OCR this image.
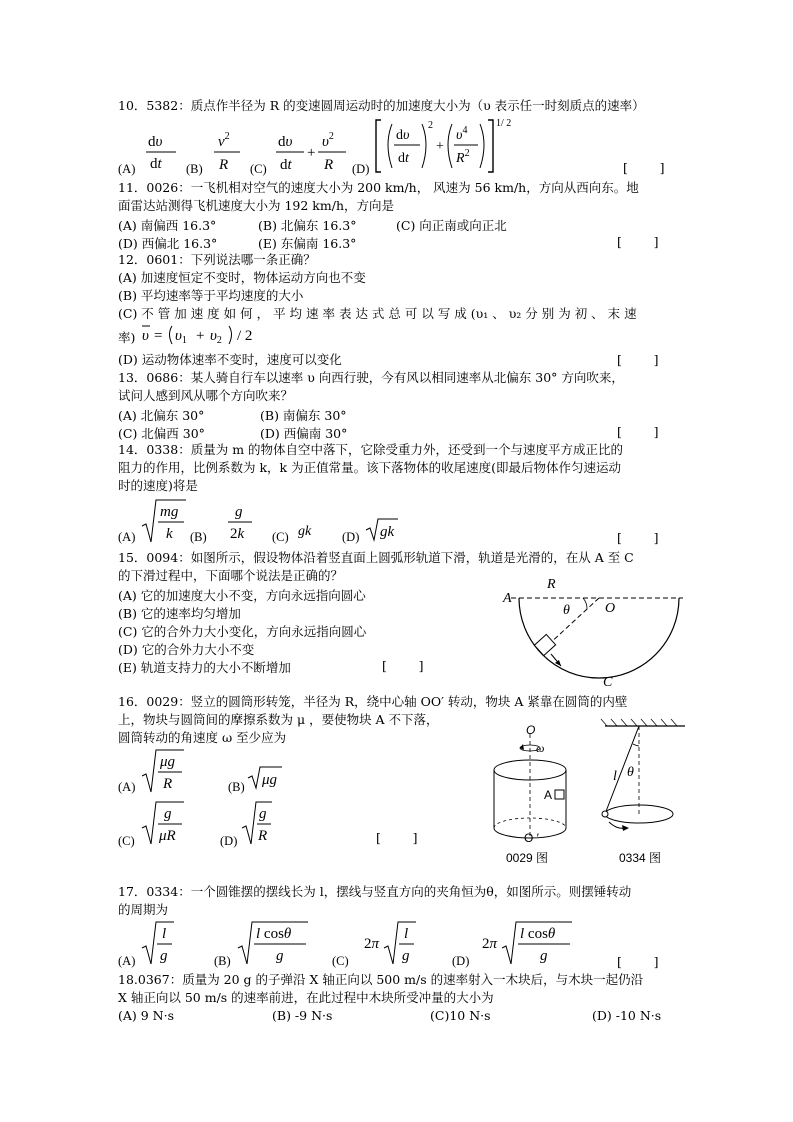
10．5382：质点作半径为 R 的变速圆周运动时的加速度大小为（υ 表示任一时刻质点的速率）
(A)
dυ
dt (B)
$v^2$
R (C)
dυ
dt
+
$\upsilon^2$
R (D)
dυ
dt
2
+
$\upsilon^4$
$R^2$
1/ 2
[        ]
11．0026：一飞机相对空气的速度大小为 200 km/h， 风速为 56 km/h，方向从西向东。地
面雷达站测得飞机速度大小为 192 km/h，方向是
(A) 南偏西 16.3°	(B) 北偏东 16.3°	(C) 向正南或向正北
(D) 西偏北 16.3°	(E) 东偏南 16.3°	[        ]
12．0601：下列说法哪一条正确？
(A) 加速度恒定不变时，物体运动方向也不变
(B) 平均速率等于平均速度的大小
(C) 不 管 加 速 度 如 何 ， 平 均 速 率 表 达 式 总 可 以 写 成 (υ₁ 、 υ₂ 分 别 为 初 、 末 速
率) $\upsilon = \upsilon_1 + \upsilon_2 / 2$
(D) 运动物体速率不变时，速度可以变化	[        ]
13．0686：某人骑自行车以速率 υ 向西行驶，今有风以相同速率从北偏东 30° 方向吹来，
试问人感到风从哪个方向吹来？
(A) 北偏东 30°	(B) 南偏东 30°
(C) 北偏西 30°	(D) 西偏南 30°	[        ]
14．0338：质量为 m 的物体自空中落下，它除受重力外，还受到一个与速度平方成正比的
阻力的作用，比例系数为 k，k 为正值常量。该下落物体的收尾速度(即最后物体作匀速运动
时的速度)将是
(A)
mg
k (B)
g
2k (C) gk (D) gk	[        ]
15．0094：如图所示，假设物体沿着竖直面上圆弧形轨道下滑，轨道是光滑的，在从 A 至 C
的下滑过程中，下面哪个说法是正确的？
(A) 它的加速度大小不变，方向永远指向圆心
(B) 它的速率均匀增加
(C) 它的合外力大小变化，方向永远指向圆心
(D) 它的合外力大小不变
(E) 轨道支持力的大小不断增加	[        ]
A
R
O
θ
C
16．0029：竖立的圆筒形转笼，半径为 R，绕中心轴 OO′ 转动，物块 A 紧靠在圆筒的内壁
上，物块与圆筒间的摩擦系数为 μ ，要使物块 A 不下落，
圆筒转动的角速度 ω 至少应为
(A)
μg
R	(B) μg
(C)
g
μR	(D)
g
R	[        ]
O
ω
A
O ′
0029 图
l θ
0334 图
17．0334：一个圆锥摆的摆线长为 l，摆线与竖直方向的夹角恒为θ，如图所示。则摆锤转动
的周期为
(A)
l
g	(B)
l cosθ
g	(C)
2π
l
g	(D)
2π
l cosθ
g	[        ]
18.0367：质量为 20 g 的子弹沿 X 轴正向以 500 m/s 的速率射入一木块后，与木块一起仍沿
X 轴正向以 50 m/s 的速率前进，在此过程中木块所受冲量的大小为
(A) 9 N·s	(B) -9 N·s	(C)10 N·s	(D) -10 N·s
